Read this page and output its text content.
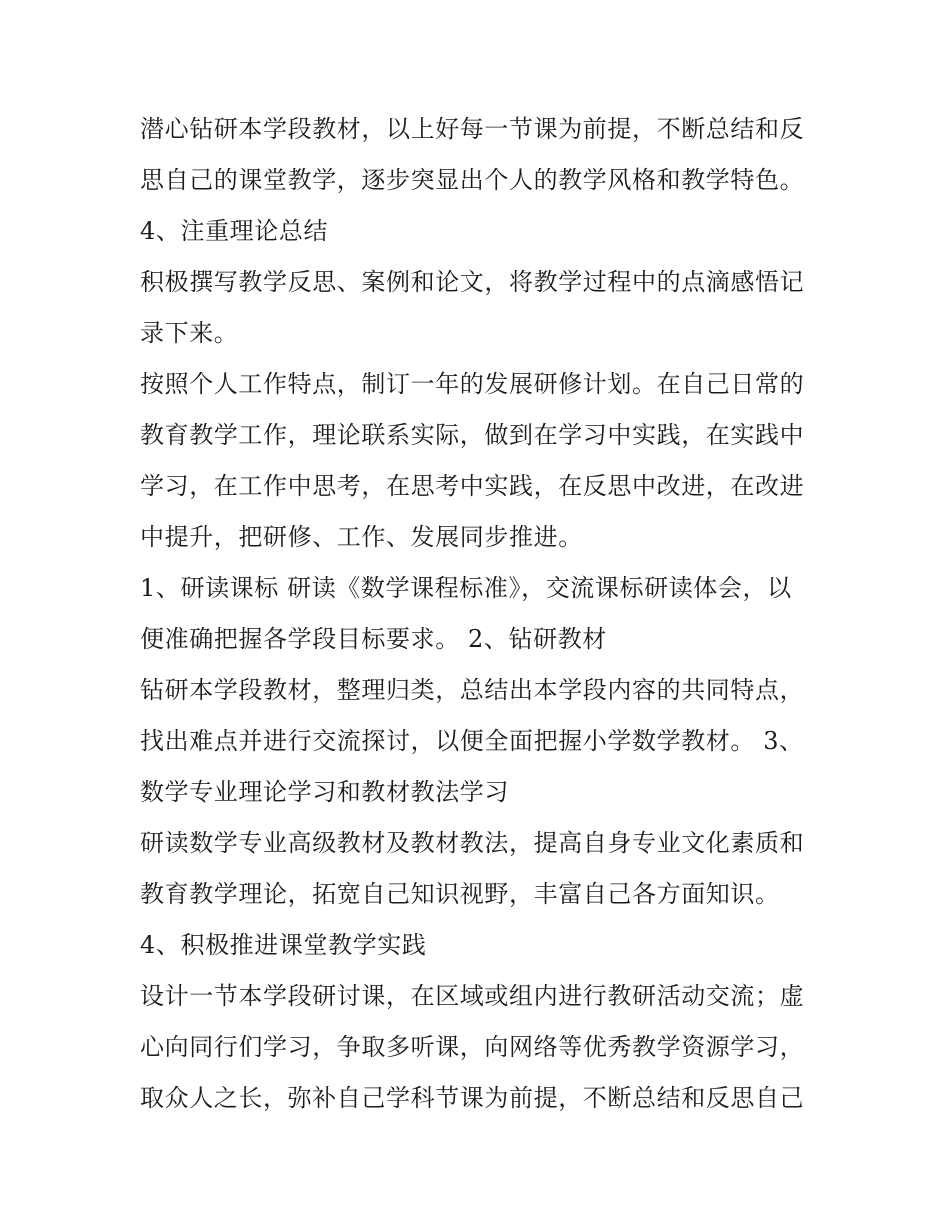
潜心钻研本学段教材，以上好每一节课为前提，不断总结和反
思自己的课堂教学，逐步突显出个人的教学风格和教学特色。
4、注重理论总结
积极撰写教学反思、案例和论文，将教学过程中的点滴感悟记
录下来。
按照个人工作特点，制订一年的发展研修计划。在自己日常的
教育教学工作，理论联系实际，做到在学习中实践，在实践中
学习，在工作中思考，在思考中实践，在反思中改进，在改进
中提升，把研修、工作、发展同步推进。
1、研读课标 研读《数学课程标准》，交流课标研读体会，以
便准确把握各学段目标要求。 2、钻研教材
钻研本学段教材，整理归类，总结出本学段内容的共同特点，
找出难点并进行交流探讨，以便全面把握小学数学教材。 3、
数学专业理论学习和教材教法学习
研读数学专业高级教材及教材教法，提高自身专业文化素质和
教育教学理论，拓宽自己知识视野，丰富自己各方面知识。
4、积极推进课堂教学实践
设计一节本学段研讨课，在区域或组内进行教研活动交流；虚
心向同行们学习，争取多听课，向网络等优秀教学资源学习，
取众人之长，弥补自己学科节课为前提，不断总结和反思自己
